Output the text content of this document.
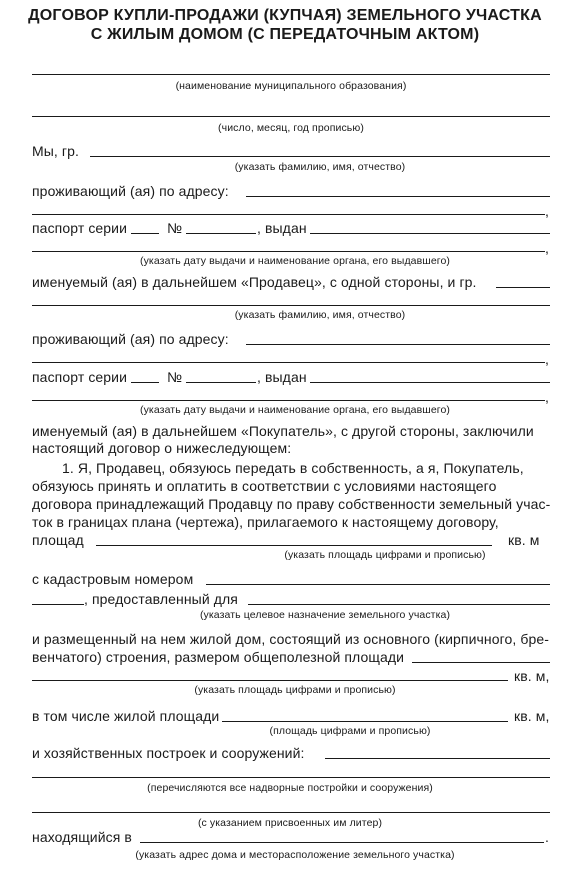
ДОГОВОР КУПЛИ-ПРОДАЖИ (КУПЧАЯ) ЗЕМЕЛЬНОГО УЧАСТКА
С ЖИЛЫМ ДОМОМ (С ПЕРЕДАТОЧНЫМ АКТОМ)
(наименование муниципального образования)
(число, месяц, год прописью)
Мы, гр.
(указать фамилию, имя, отчество)
проживающий (ая) по адресу:
,
паспорт серии	№	, выдан
,
(указать дату выдачи и наименование органа, его выдавшего)
именуемый (ая) в дальнейшем «Продавец», с одной стороны, и гр.
(указать фамилию, имя, отчество)
проживающий (ая) по адресу:
,
паспорт серии	№	, выдан
,
(указать дату выдачи и наименование органа, его выдавшего)
именуемый (ая) в дальнейшем «Покупатель», с другой стороны, заключили
настоящий договор о нижеследующем:
1. Я, Продавец, обязуюсь передать в собственность, а я, Покупатель,
обязуюсь принять и оплатить в соответствии с условиями настоящего
договора принадлежащий Продавцу по праву собственности земельный учас-
ток в границах плана (чертежа), прилагаемого к настоящему договору,
площад	кв. м
(указать площадь цифрами и прописью)
с кадастровым номером
, предоставленный для
(указать целевое назначение земельного участка)
и размещенный на нем жилой дом, состоящий из основного (кирпичного, бре-
венчатого) строения, размером общеполезной площади
кв. м,
(указать площадь цифрами и прописью)
в том числе жилой площади	кв. м,
(площадь цифрами и прописью)
и хозяйственных построек и сооружений:
(перечисляются все надворные постройки и сооружения)
(с указанием присвоенных им литер)
находящийся в	.
(указать адрес дома и месторасположение земельного участка)
